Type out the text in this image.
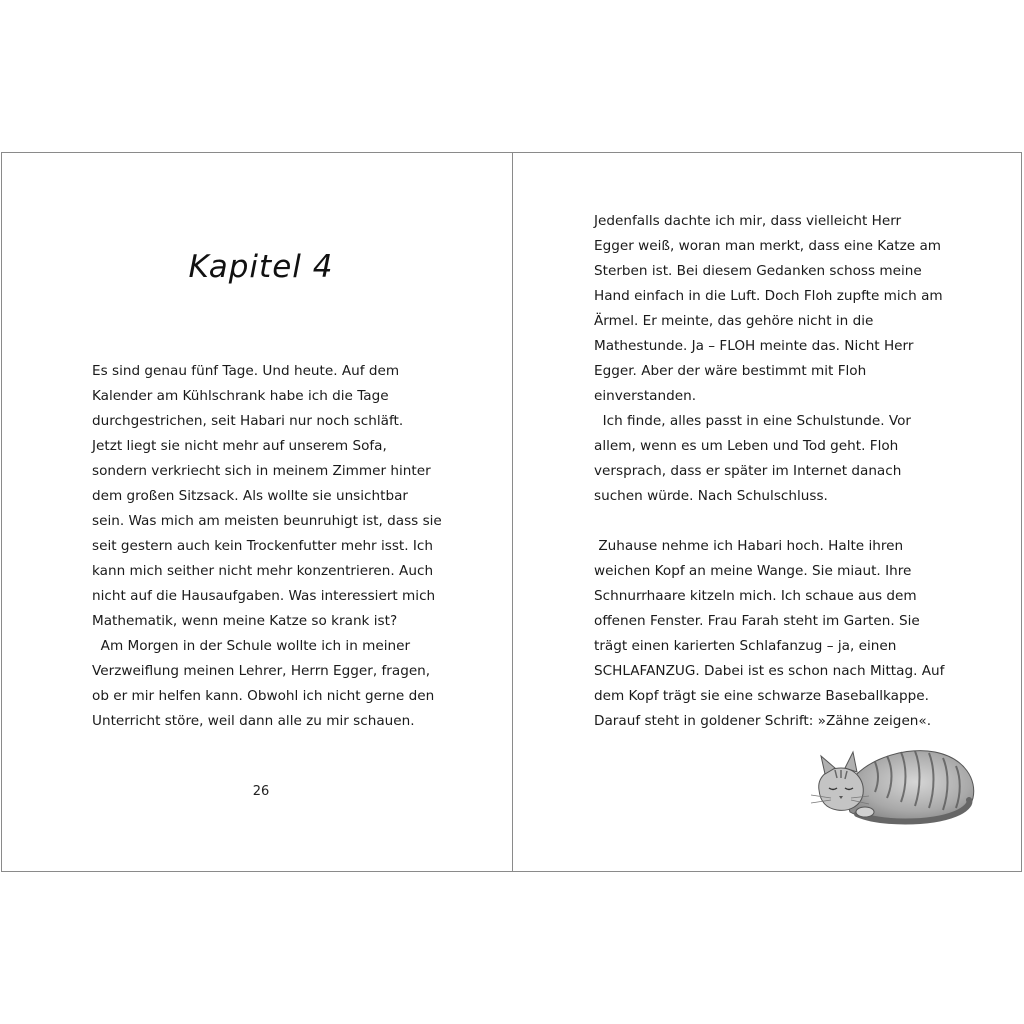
Kapitel 4

Es sind genau fünf Tage. Und heute. Auf dem
Kalender am Kühlschrank habe ich die Tage
durchgestrichen, seit Habari nur noch schläft.
Jetzt liegt sie nicht mehr auf unserem Sofa,
sondern verkriecht sich in meinem Zimmer hinter
dem großen Sitzsack. Als wollte sie unsichtbar
sein. Was mich am meisten beunruhigt ist, dass sie
seit gestern auch kein Trockenfutter mehr isst. Ich
kann mich seither nicht mehr konzentrieren. Auch
nicht auf die Hausaufgaben. Was interessiert mich
Mathematik, wenn meine Katze so krank ist?

Am Morgen in der Schule wollte ich in meiner
Verzweiflung meinen Lehrer, Herrn Egger, fragen,
ob er mir helfen kann. Obwohl ich nicht gerne den
Unterricht störe, weil dann alle zu mir schauen.

26

Jedenfalls dachte ich mir, dass vielleicht Herr
Egger weiß, woran man merkt, dass eine Katze am
Sterben ist. Bei diesem Gedanken schoss meine
Hand einfach in die Luft. Doch Floh zupfte mich am
Ärmel. Er meinte, das gehöre nicht in die
Mathestunde. Ja – FLOH meinte das. Nicht Herr
Egger. Aber der wäre bestimmt mit Floh
einverstanden.

Ich finde, alles passt in eine Schulstunde. Vor
allem, wenn es um Leben und Tod geht. Floh
versprach, dass er später im Internet danach
suchen würde. Nach Schulschluss.

Zuhause nehme ich Habari hoch. Halte ihren
weichen Kopf an meine Wange. Sie miaut. Ihre
Schnurrhaare kitzeln mich. Ich schaue aus dem
offenen Fenster. Frau Farah steht im Garten. Sie
trägt einen karierten Schlafanzug – ja, einen
SCHLAFANZUG. Dabei ist es schon nach Mittag. Auf
dem Kopf trägt sie eine schwarze Baseballkappe.
Darauf steht in goldener Schrift: »Zähne zeigen«.
